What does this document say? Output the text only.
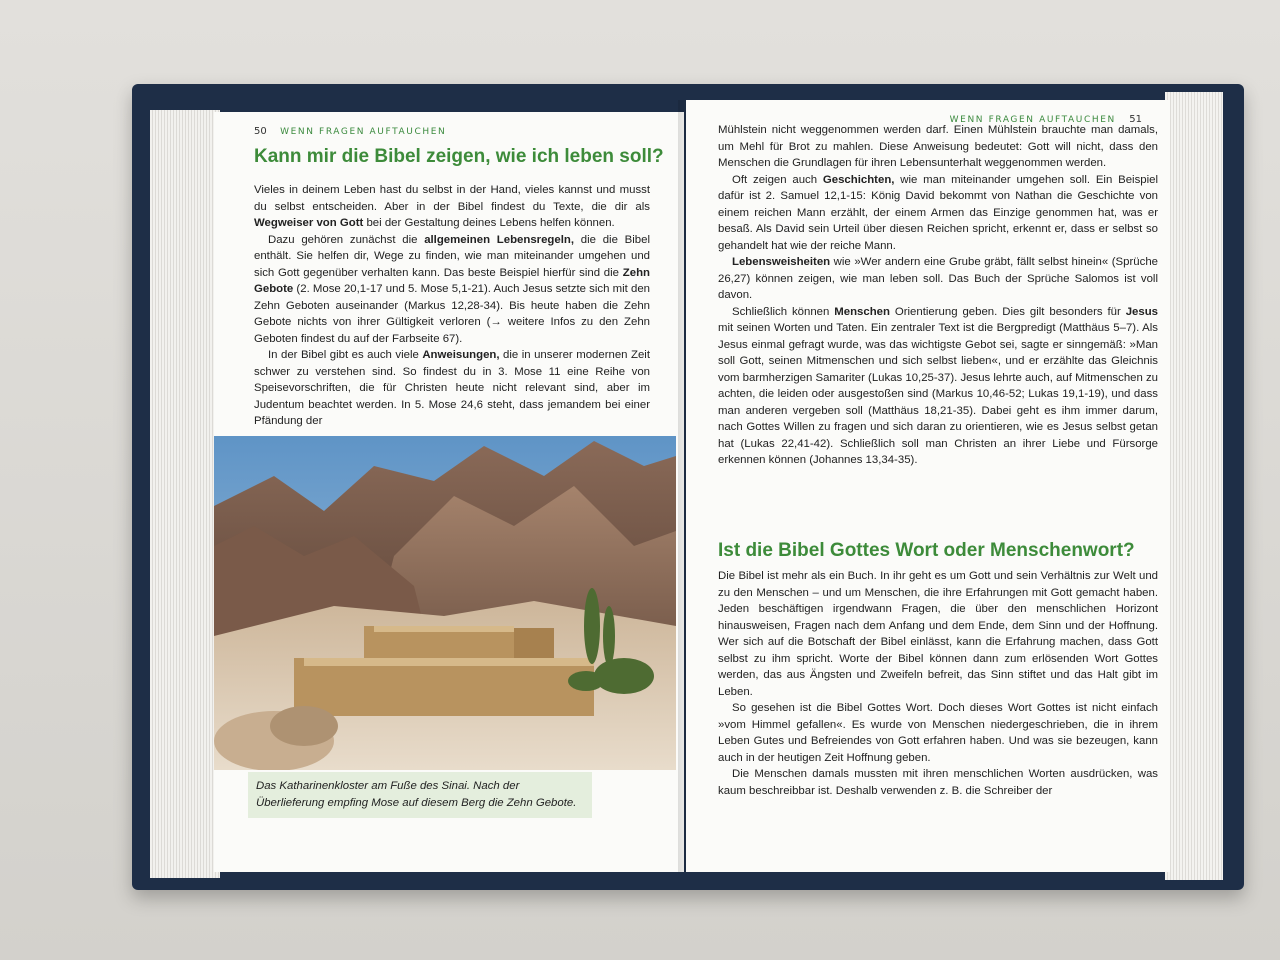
50 WENN FRAGEN AUFTAUCHEN
Kann mir die Bibel zeigen, wie ich leben soll?

Vieles in deinem Leben hast du selbst in der Hand, vieles kannst und musst du selbst entscheiden. Aber in der Bibel findest du Texte, die dir als Wegweiser von Gott bei der Gestaltung deines Lebens helfen können.

Dazu gehören zunächst die allgemeinen Lebensregeln, die die Bibel enthält. Sie helfen dir, Wege zu finden, wie man miteinander umgehen und sich Gott gegenüber verhalten kann. Das beste Beispiel hierfür sind die Zehn Gebote (2. Mose 20,1-17 und 5. Mose 5,1-21). Auch Jesus setzte sich mit den Zehn Geboten auseinander (Markus 12,28-34). Bis heute haben die Zehn Gebote nichts von ihrer Gültigkeit verloren (→ weitere Infos zu den Zehn Geboten findest du auf der Farbseite 67).

In der Bibel gibt es auch viele Anweisungen, die in unserer modernen Zeit schwer zu verstehen sind. So findest du in 3. Mose 11 eine Reihe von Speisevorschriften, die für Christen heute nicht relevant sind, aber im Judentum beachtet werden. In 5. Mose 24,6 steht, dass jemandem bei einer Pfändung der

Das Katharinenkloster am Fuße des Sinai. Nach der Überlieferung empfing Mose auf diesem Berg die Zehn Gebote.
WENN FRAGEN AUFTAUCHEN 51

Mühlstein nicht weggenommen werden darf. Einen Mühlstein brauchte man damals, um Mehl für Brot zu mahlen. Diese Anweisung bedeutet: Gott will nicht, dass den Menschen die Grundlagen für ihren Lebensunterhalt weggenommen werden.

Oft zeigen auch Geschichten, wie man miteinander umgehen soll. Ein Beispiel dafür ist 2. Samuel 12,1-15: König David bekommt von Nathan die Geschichte von einem reichen Mann erzählt, der einem Armen das Einzige genommen hat, was er besaß. Als David sein Urteil über diesen Reichen spricht, erkennt er, dass er selbst so gehandelt hat wie der reiche Mann.

Lebensweisheiten wie »Wer andern eine Grube gräbt, fällt selbst hinein« (Sprüche 26,27) können zeigen, wie man leben soll. Das Buch der Sprüche Salomos ist voll davon.

Schließlich können Menschen Orientierung geben. Dies gilt besonders für Jesus mit seinen Worten und Taten. Ein zentraler Text ist die Bergpredigt (Matthäus 5–7). Als Jesus einmal gefragt wurde, was das wichtigste Gebot sei, sagte er sinngemäß: »Man soll Gott, seinen Mitmenschen und sich selbst lieben«, und er erzählte das Gleichnis vom barmherzigen Samariter (Lukas 10,25-37). Jesus lehrte auch, auf Mitmenschen zu achten, die leiden oder ausgestoßen sind (Markus 10,46-52; Lukas 19,1-19), und dass man anderen vergeben soll (Matthäus 18,21-35). Dabei geht es ihm immer darum, nach Gottes Willen zu fragen und sich daran zu orientieren, wie es Jesus selbst getan hat (Lukas 22,41-42). Schließlich soll man Christen an ihrer Liebe und Fürsorge erkennen können (Johannes 13,34-35).

Ist die Bibel Gottes Wort oder Menschenwort?

Die Bibel ist mehr als ein Buch. In ihr geht es um Gott und sein Verhältnis zur Welt und zu den Menschen – und um Menschen, die ihre Erfahrungen mit Gott gemacht haben. Jeden beschäftigen irgendwann Fragen, die über den menschlichen Horizont hinausweisen, Fragen nach dem Anfang und dem Ende, dem Sinn und der Hoffnung. Wer sich auf die Botschaft der Bibel einlässt, kann die Erfahrung machen, dass Gott selbst zu ihm spricht. Worte der Bibel können dann zum erlösenden Wort Gottes werden, das aus Ängsten und Zweifeln befreit, das Sinn stiftet und das Halt gibt im Leben.

So gesehen ist die Bibel Gottes Wort. Doch dieses Wort Gottes ist nicht einfach »vom Himmel gefallen«. Es wurde von Menschen niedergeschrieben, die in ihrem Leben Gutes und Befreiendes von Gott erfahren haben. Und was sie bezeugen, kann auch in der heutigen Zeit Hoffnung geben.

Die Menschen damals mussten mit ihren menschlichen Worten ausdrücken, was kaum beschreibbar ist. Deshalb verwenden z. B. die Schreiber der
